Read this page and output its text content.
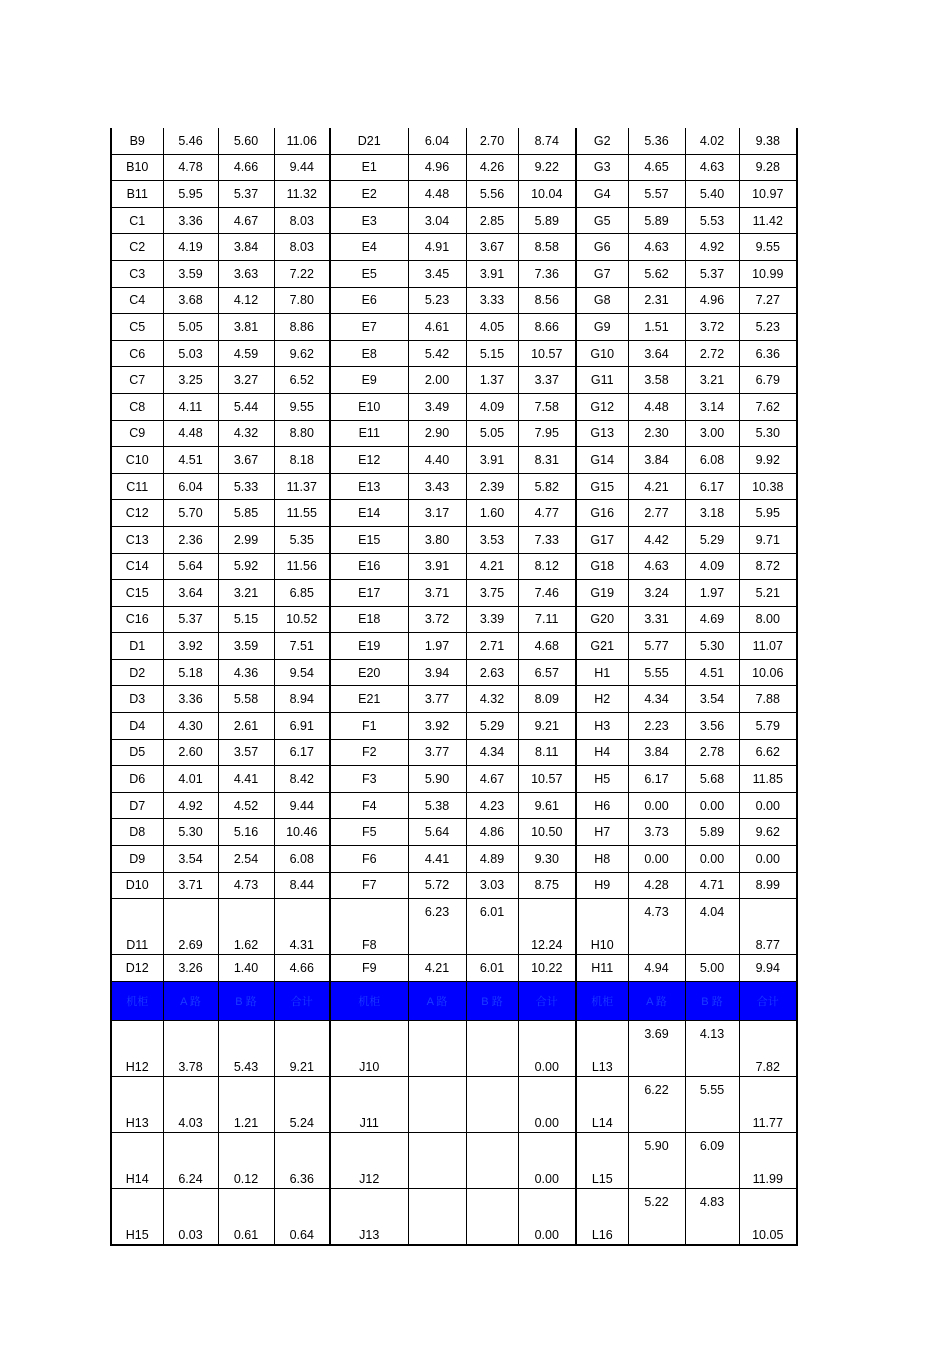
B9	5.46	5.60	11.06	D21	6.04	2.70	8.74	G2	5.36	4.02	9.38
B10	4.78	4.66	9.44	E1	4.96	4.26	9.22	G3	4.65	4.63	9.28
B11	5.95	5.37	11.32	E2	4.48	5.56	10.04	G4	5.57	5.40	10.97
C1	3.36	4.67	8.03	E3	3.04	2.85	5.89	G5	5.89	5.53	11.42
C2	4.19	3.84	8.03	E4	4.91	3.67	8.58	G6	4.63	4.92	9.55
C3	3.59	3.63	7.22	E5	3.45	3.91	7.36	G7	5.62	5.37	10.99
C4	3.68	4.12	7.80	E6	5.23	3.33	8.56	G8	2.31	4.96	7.27
C5	5.05	3.81	8.86	E7	4.61	4.05	8.66	G9	1.51	3.72	5.23
C6	5.03	4.59	9.62	E8	5.42	5.15	10.57	G10	3.64	2.72	6.36
C7	3.25	3.27	6.52	E9	2.00	1.37	3.37	G11	3.58	3.21	6.79
C8	4.11	5.44	9.55	E10	3.49	4.09	7.58	G12	4.48	3.14	7.62
C9	4.48	4.32	8.80	E11	2.90	5.05	7.95	G13	2.30	3.00	5.30
C10	4.51	3.67	8.18	E12	4.40	3.91	8.31	G14	3.84	6.08	9.92
C11	6.04	5.33	11.37	E13	3.43	2.39	5.82	G15	4.21	6.17	10.38
C12	5.70	5.85	11.55	E14	3.17	1.60	4.77	G16	2.77	3.18	5.95
C13	2.36	2.99	5.35	E15	3.80	3.53	7.33	G17	4.42	5.29	9.71
C14	5.64	5.92	11.56	E16	3.91	4.21	8.12	G18	4.63	4.09	8.72
C15	3.64	3.21	6.85	E17	3.71	3.75	7.46	G19	3.24	1.97	5.21
C16	5.37	5.15	10.52	E18	3.72	3.39	7.11	G20	3.31	4.69	8.00
D1	3.92	3.59	7.51	E19	1.97	2.71	4.68	G21	5.77	5.30	11.07
D2	5.18	4.36	9.54	E20	3.94	2.63	6.57	H1	5.55	4.51	10.06
D3	3.36	5.58	8.94	E21	3.77	4.32	8.09	H2	4.34	3.54	7.88
D4	4.30	2.61	6.91	F1	3.92	5.29	9.21	H3	2.23	3.56	5.79
D5	2.60	3.57	6.17	F2	3.77	4.34	8.11	H4	3.84	2.78	6.62
D6	4.01	4.41	8.42	F3	5.90	4.67	10.57	H5	6.17	5.68	11.85
D7	4.92	4.52	9.44	F4	5.38	4.23	9.61	H6	0.00	0.00	0.00
D8	5.30	5.16	10.46	F5	5.64	4.86	10.50	H7	3.73	5.89	9.62
D9	3.54	2.54	6.08	F6	4.41	4.89	9.30	H8	0.00	0.00	0.00
D10	3.71	4.73	8.44	F7	5.72	3.03	8.75	H9	4.28	4.71	8.99
D11	2.69	1.62	4.31	F8	6.23	6.01	12.24	H10	4.73	4.04	8.77
D12	3.26	1.40	4.66	F9	4.21	6.01	10.22	H11	4.94	5.00	9.94
机柜	A 路	B 路	合计	机柜	A 路	B 路	合计	机柜	A 路	B 路	合计
H12	3.78	5.43	9.21	J10			0.00	L13	3.69	4.13	7.82
H13	4.03	1.21	5.24	J11			0.00	L14	6.22	5.55	11.77
H14	6.24	0.12	6.36	J12			0.00	L15	5.90	6.09	11.99
H15	0.03	0.61	0.64	J13			0.00	L16	5.22	4.83	10.05
